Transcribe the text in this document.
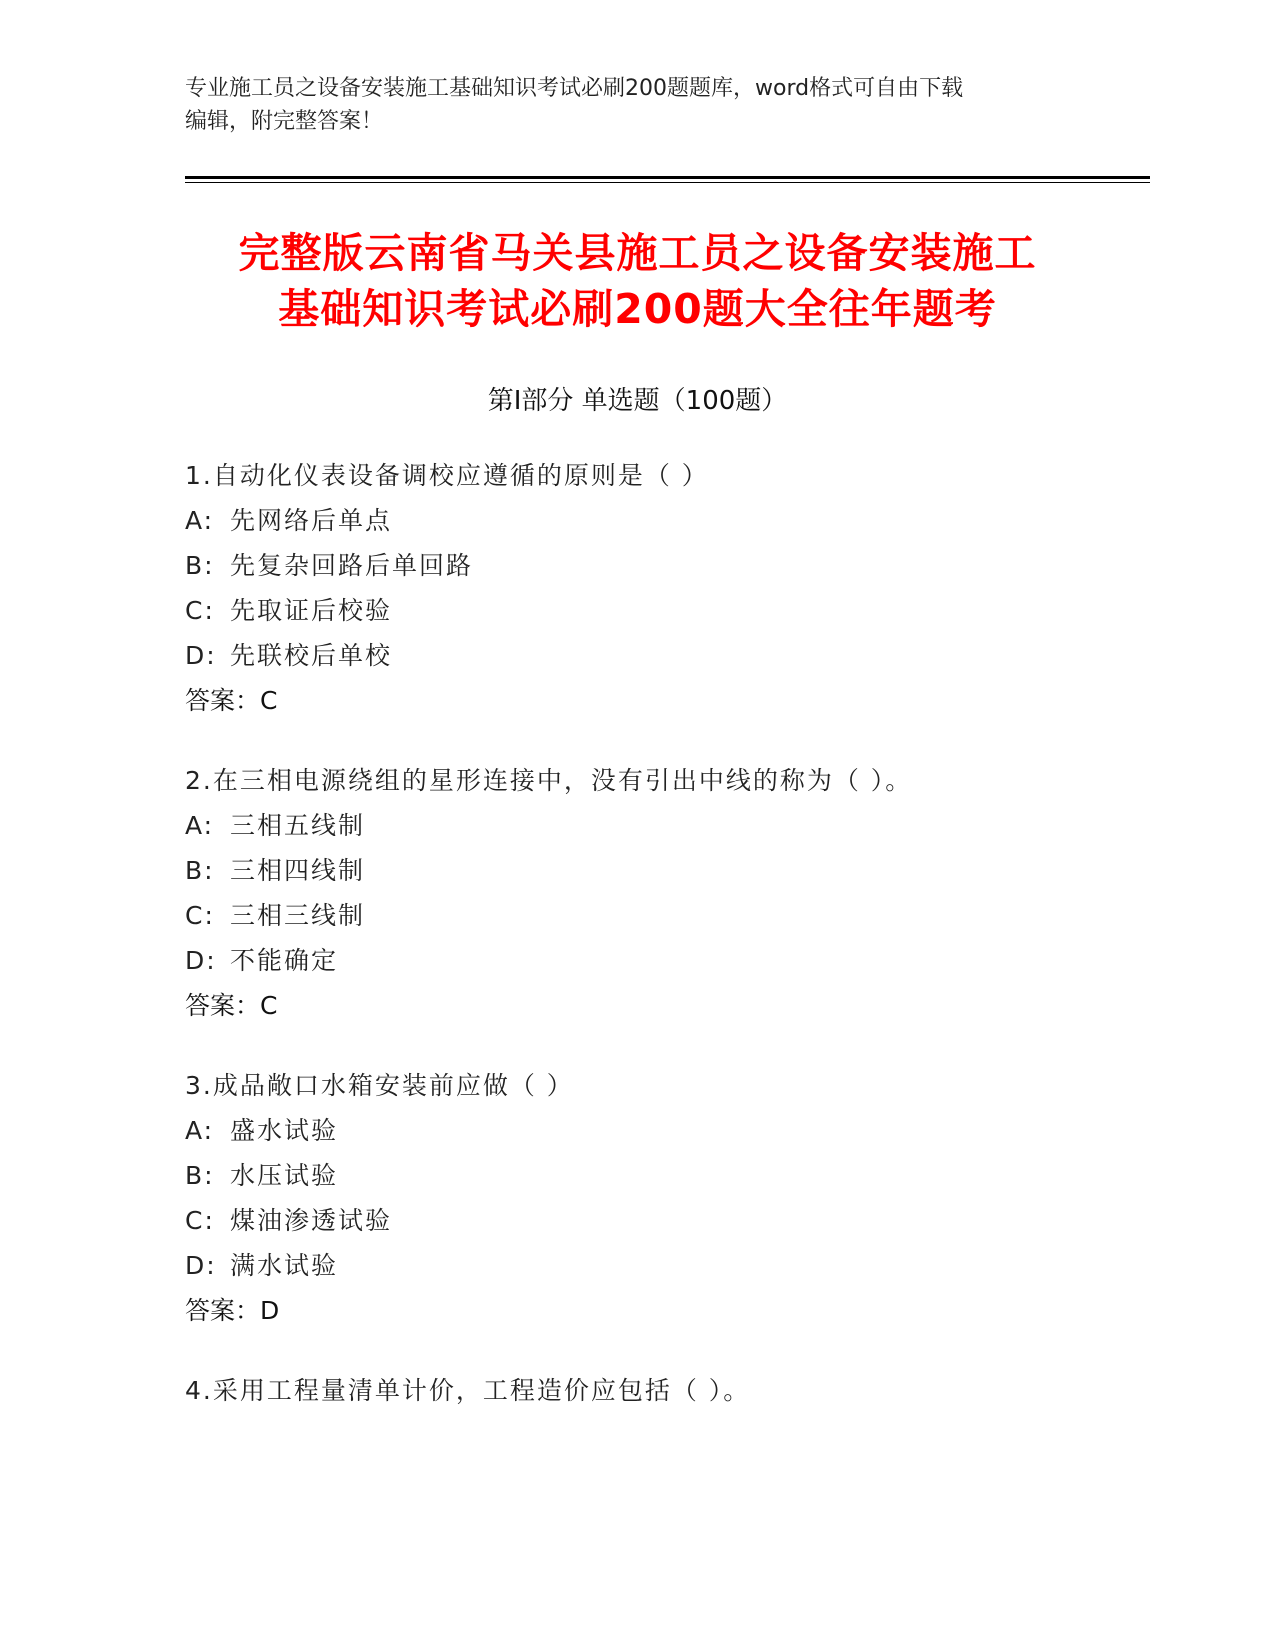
专业施工员之设备安装施工基础知识考试必刷200题题库，word格式可自由下载
编辑，附完整答案！
完整版云南省马关县施工员之设备安装施工
基础知识考试必刷200题大全往年题考
第Ⅰ部分 单选题（100题）
1.自动化仪表设备调校应遵循的原则是（ ）
A: 先网络后单点
B: 先复杂回路后单回路
C: 先取证后校验
D: 先联校后单校
答案：C
2.在三相电源绕组的星形连接中，没有引出中线的称为（ ）。
A: 三相五线制
B: 三相四线制
C: 三相三线制
D: 不能确定
答案：C
3.成品敞口水箱安装前应做（ ）
A: 盛水试验
B: 水压试验
C: 煤油渗透试验
D: 满水试验
答案：D
4.采用工程量清单计价，工程造价应包括（ ）。
